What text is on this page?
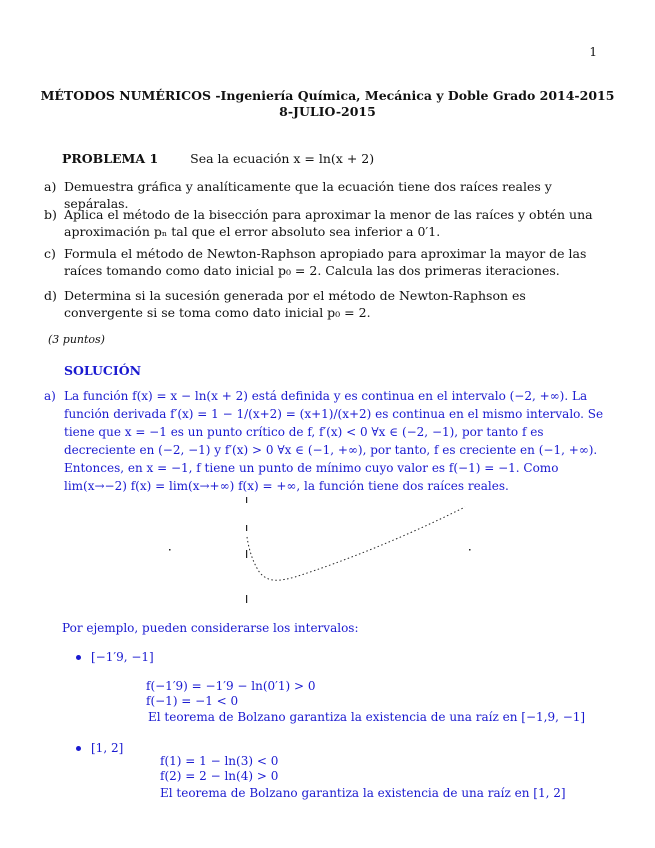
1
MÉTODOS NUMÉRICOS -Ingeniería Química, Mecánica y Doble Grado 2014-2015
8-JULIO-2015
PROBLEMA 1	Sea la ecuación x = ln(x + 2)
a) Demuestra gráfica y analíticamente que la ecuación tiene dos raíces reales y sepáralas.
b) Aplica el método de la bisección para aproximar la menor de las raíces y obtén una aproximación pₙ tal que el error absoluto sea inferior a 0′1.
c) Formula el método de Newton-Raphson apropiado para aproximar la mayor de las raíces tomando como dato inicial p₀ = 2. Calcula las dos primeras iteraciones.
d) Determina si la sucesión generada por el método de Newton-Raphson es convergente si se toma como dato inicial p₀ = 2.
(3 puntos)
SOLUCIÓN
a) La función f(x) = x − ln(x + 2) está definida y es continua en el intervalo (−2, +∞). La función derivada f′(x) = 1 − 1/(x+2) = (x+1)/(x+2) es continua en el mismo intervalo. Se tiene que x = −1 es un punto crítico de f, f′(x) < 0 ∀x ∈ (−2, −1), por tanto f es decreciente en (−2, −1) y f′(x) > 0 ∀x ∈ (−1, +∞), por tanto, f es creciente en (−1, +∞). Entonces, en x = −1, f tiene un punto de mínimo cuyo valor es f(−1) = −1. Como lim(x→−2) f(x) = lim(x→+∞) f(x) = +∞, la función tiene dos raíces reales.
Por ejemplo, pueden considerarse los intervalos:
[−1′9, −1]
f(−1′9) = −1′9 − ln(0′1) > 0
f(−1) = −1 < 0
El teorema de Bolzano garantiza la existencia de una raíz en [−1,9, −1]
[1, 2]
f(1) = 1 − ln(3) < 0
f(2) = 2 − ln(4) > 0
El teorema de Bolzano garantiza la existencia de una raíz en [1, 2]
